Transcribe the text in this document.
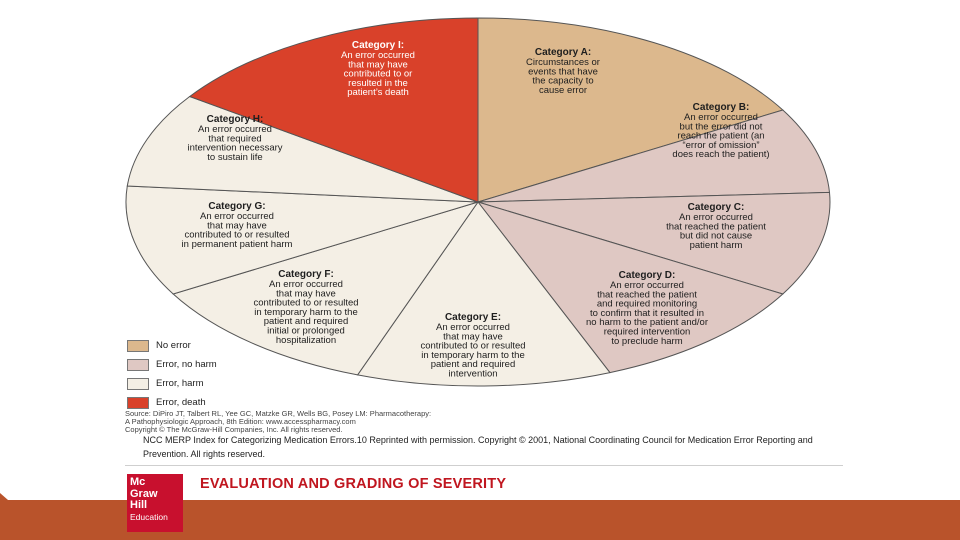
Category A:
Circumstances or
events that have
the capacity to
cause error
Category B:
An error occurred
but the error did not
reach the patient (an
“error of omission”
does reach the patient)
Category C:
An error occurred
that reached the patient
but did not cause
patient harm
Category D:
An error occurred
that reached the patient
and required monitoring
to confirm that it resulted in
no harm to the patient and/or
required intervention
to preclude harm
Category E:
An error occurred
that may have
contributed to or resulted
in temporary harm to the
patient and required
intervention
Category F:
An error occurred
that may have
contributed to or resulted
in temporary harm to the
patient and required
initial or prolonged
hospitalization
Category G:
An error occurred
that may have
contributed to or resulted
in permanent patient harm
Category H:
An error occurred
that required
intervention necessary
to sustain life
Category I:
An error occurred
that may have
contributed to or
resulted in the
patient’s death
No error
Error, no harm
Error, harm
Error, death
Source: DiPiro JT, Talbert RL, Yee GC, Matzke GR, Wells BG, Posey LM: Pharmacotherapy:
A Pathophysiologic Approach, 8th Edition: www.accesspharmacy.com
Copyright © The McGraw-Hill Companies, Inc. All rights reserved.
NCC MERP Index for Categorizing Medication Errors.10 Reprinted with permission. Copyright © 2001, National Coordinating Council for Medication Error Reporting and Prevention. All rights reserved.
EVALUATION AND GRADING OF SEVERITY
Mc
Graw
Hill
Education
